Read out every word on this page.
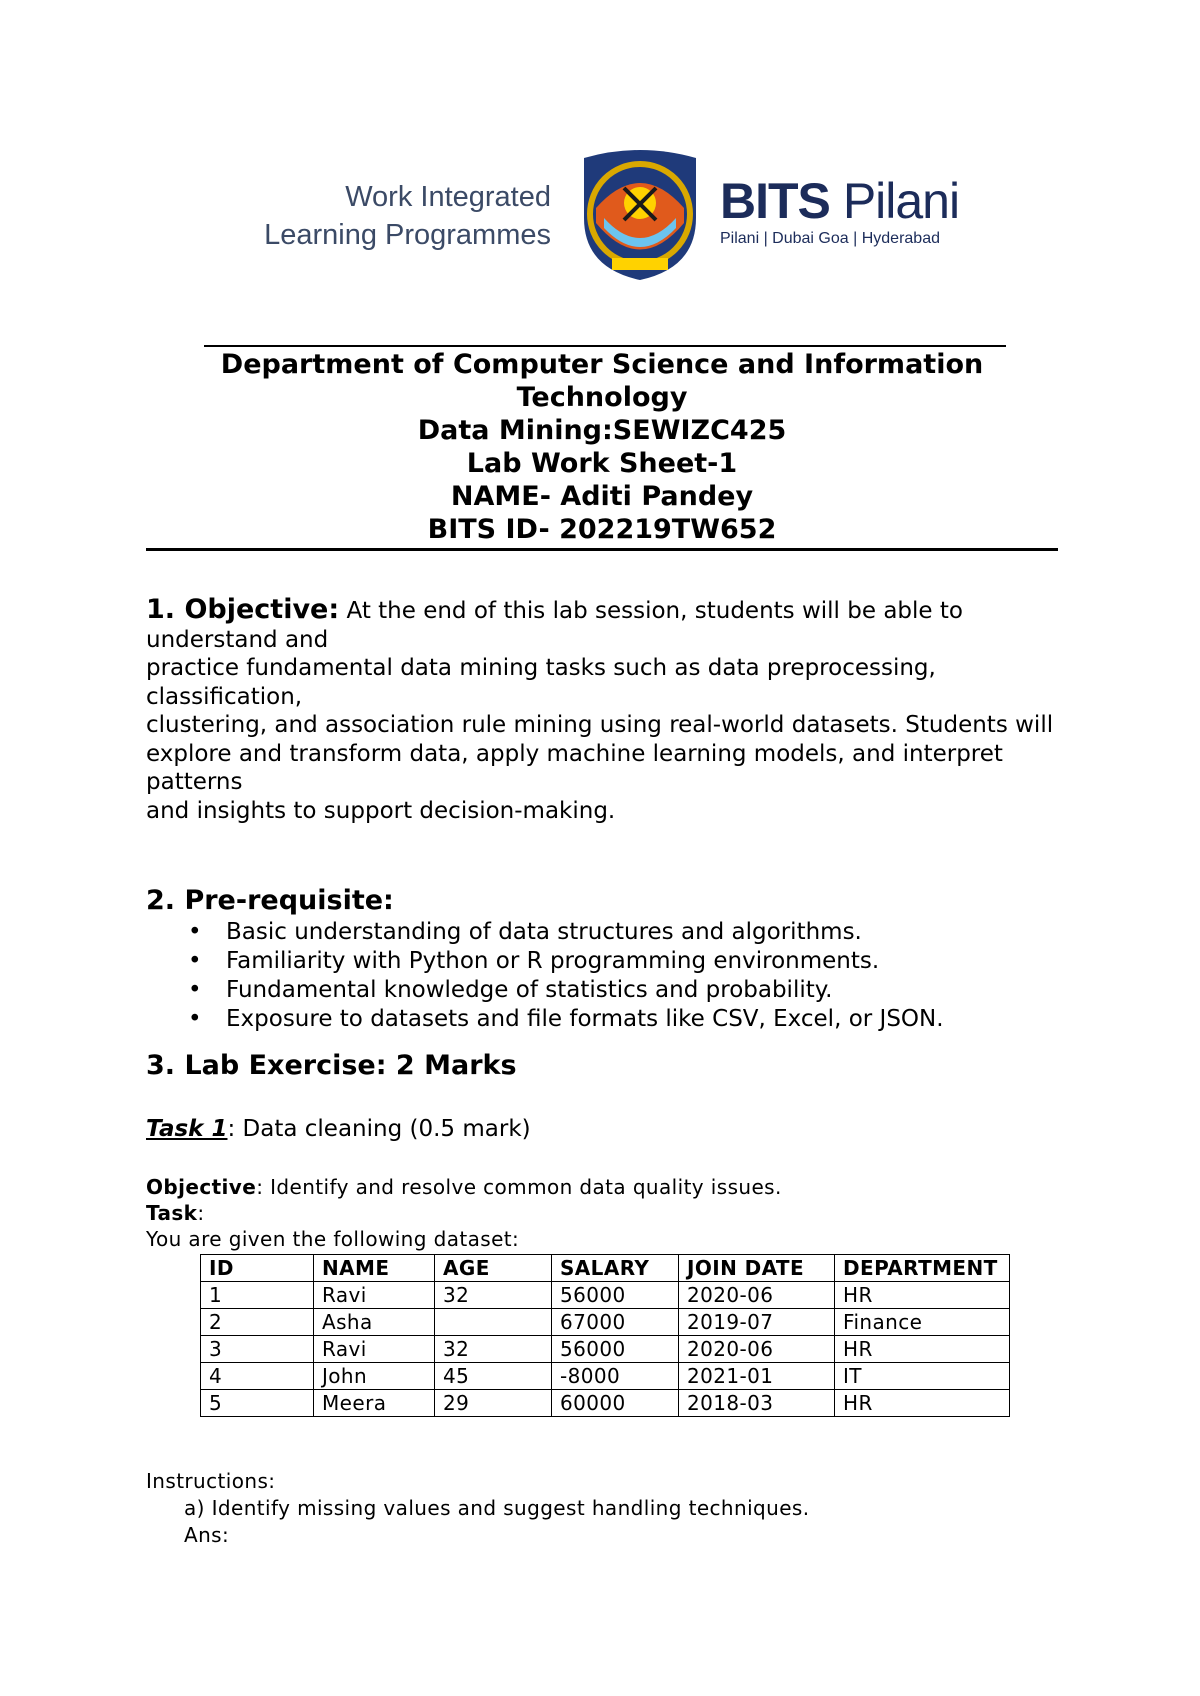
Work Integrated
Learning Programmes
BITS Pilani
Pilani | Dubai Goa | Hyderabad
Department of Computer Science and Information Technology
Data Mining:SEWIZC425
Lab Work Sheet-1
NAME- Aditi Pandey
BITS ID- 202219TW652

1. Objective: At the end of this lab session, students will be able to understand and

practice fundamental data mining tasks such as data preprocessing, classification,

clustering, and association rule mining using real-world datasets. Students will

explore and transform data, apply machine learning models, and interpret patterns

and insights to support decision-making.

2. Pre-requisite:
• Basic understanding of data structures and algorithms.
• Familiarity with Python or R programming environments.
• Fundamental knowledge of statistics and probability.
• Exposure to datasets and file formats like CSV, Excel, or JSON.
3. Lab Exercise: 2 Marks
Task 1: Data cleaning (0.5 mark)
Objective: Identify and resolve common data quality issues.
Task:
You are given the following dataset:
ID	NAME	AGE	SALARY	JOIN DATE	DEPARTMENT
1	Ravi	32	56000	2020-06	HR
2	Asha		67000	2019-07	Finance
3	Ravi	32	56000	2020-06	HR
4	John	45	-8000	2021-01	IT
5	Meera	29	60000	2018-03	HR
Instructions:
a) Identify missing values and suggest handling techniques.
Ans:
